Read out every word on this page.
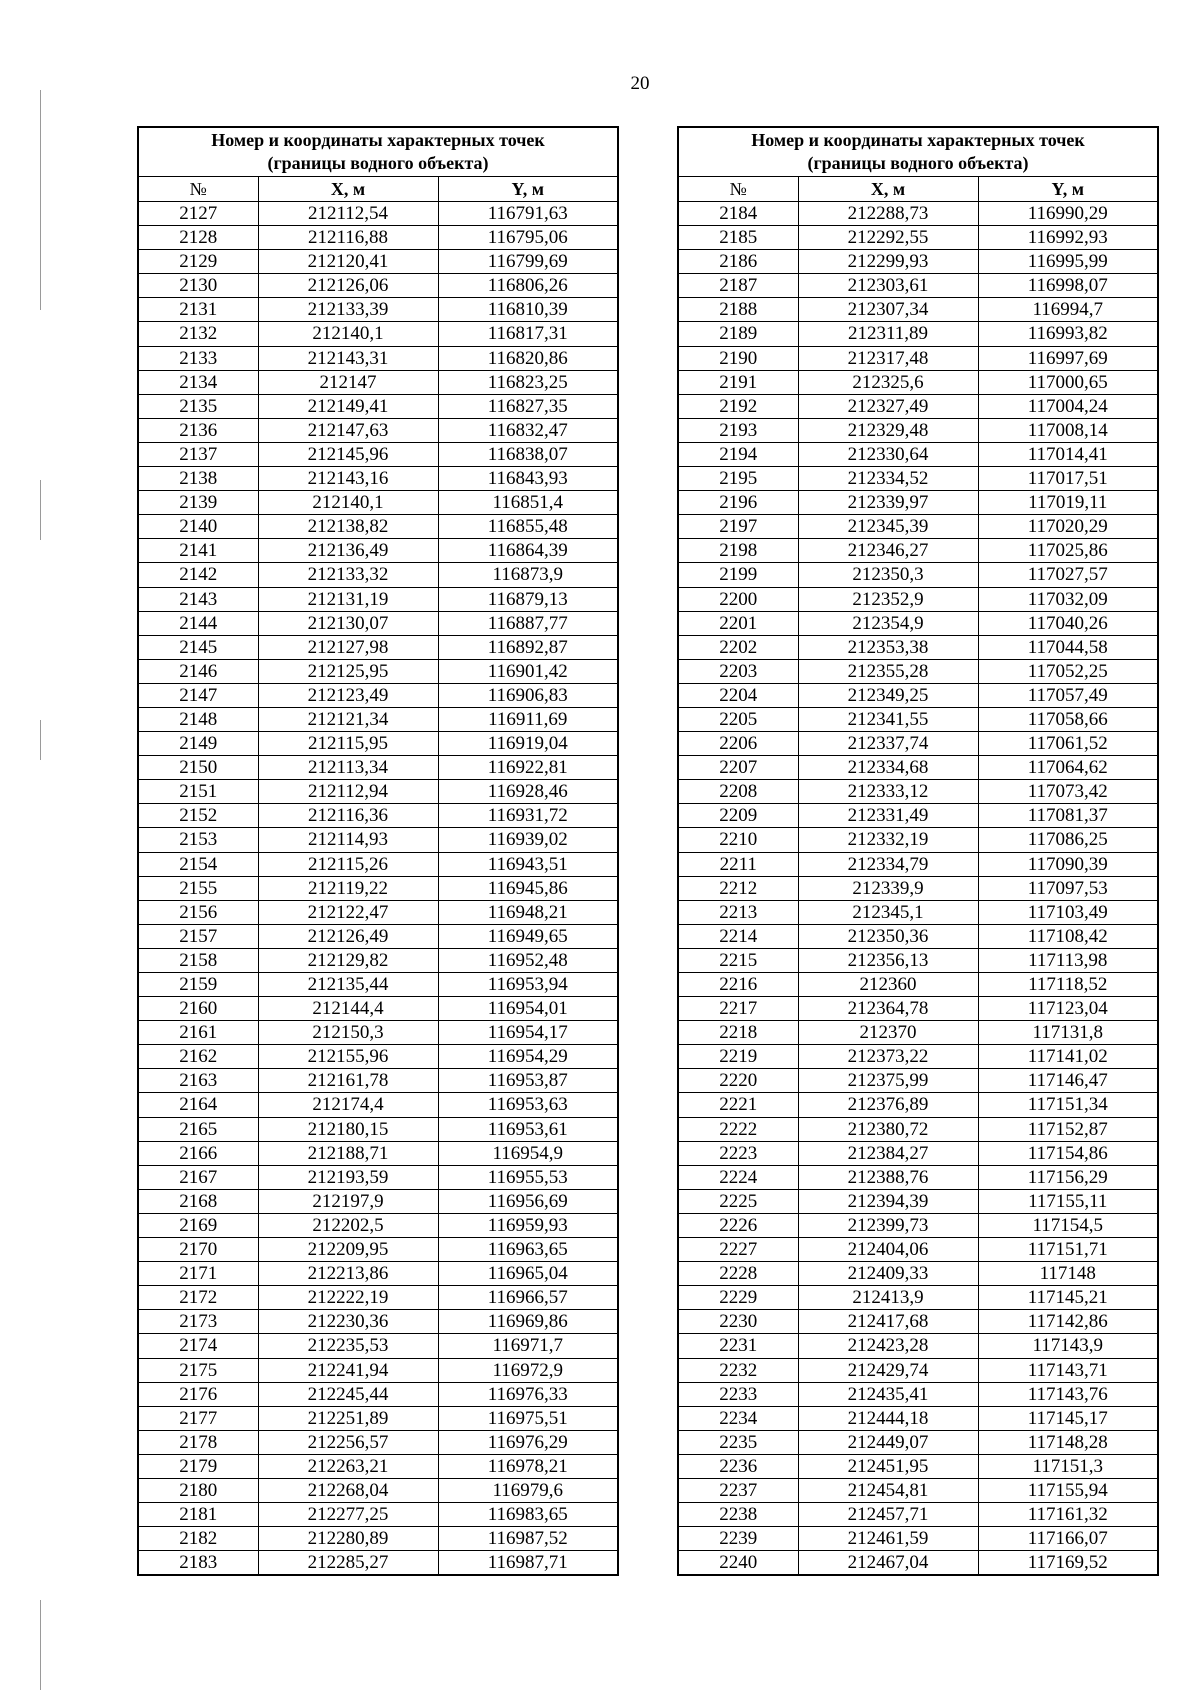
20
Номер и координаты характерных точек
(границы водного объекта)		
№	X, м	Y, м
2127	212112,54	116791,63
2128	212116,88	116795,06
2129	212120,41	116799,69
2130	212126,06	116806,26
2131	212133,39	116810,39
2132	212140,1	116817,31
2133	212143,31	116820,86
2134	212147	116823,25
2135	212149,41	116827,35
2136	212147,63	116832,47
2137	212145,96	116838,07
2138	212143,16	116843,93
2139	212140,1	116851,4
2140	212138,82	116855,48
2141	212136,49	116864,39
2142	212133,32	116873,9
2143	212131,19	116879,13
2144	212130,07	116887,77
2145	212127,98	116892,87
2146	212125,95	116901,42
2147	212123,49	116906,83
2148	212121,34	116911,69
2149	212115,95	116919,04
2150	212113,34	116922,81
2151	212112,94	116928,46
2152	212116,36	116931,72
2153	212114,93	116939,02
2154	212115,26	116943,51
2155	212119,22	116945,86
2156	212122,47	116948,21
2157	212126,49	116949,65
2158	212129,82	116952,48
2159	212135,44	116953,94
2160	212144,4	116954,01
2161	212150,3	116954,17
2162	212155,96	116954,29
2163	212161,78	116953,87
2164	212174,4	116953,63
2165	212180,15	116953,61
2166	212188,71	116954,9
2167	212193,59	116955,53
2168	212197,9	116956,69
2169	212202,5	116959,93
2170	212209,95	116963,65
2171	212213,86	116965,04
2172	212222,19	116966,57
2173	212230,36	116969,86
2174	212235,53	116971,7
2175	212241,94	116972,9
2176	212245,44	116976,33
2177	212251,89	116975,51
2178	212256,57	116976,29
2179	212263,21	116978,21
2180	212268,04	116979,6
2181	212277,25	116983,65
2182	212280,89	116987,52
2183	212285,27	116987,71
Номер и координаты характерных точек
(границы водного объекта)		
№	X, м	Y, м
2184	212288,73	116990,29
2185	212292,55	116992,93
2186	212299,93	116995,99
2187	212303,61	116998,07
2188	212307,34	116994,7
2189	212311,89	116993,82
2190	212317,48	116997,69
2191	212325,6	117000,65
2192	212327,49	117004,24
2193	212329,48	117008,14
2194	212330,64	117014,41
2195	212334,52	117017,51
2196	212339,97	117019,11
2197	212345,39	117020,29
2198	212346,27	117025,86
2199	212350,3	117027,57
2200	212352,9	117032,09
2201	212354,9	117040,26
2202	212353,38	117044,58
2203	212355,28	117052,25
2204	212349,25	117057,49
2205	212341,55	117058,66
2206	212337,74	117061,52
2207	212334,68	117064,62
2208	212333,12	117073,42
2209	212331,49	117081,37
2210	212332,19	117086,25
2211	212334,79	117090,39
2212	212339,9	117097,53
2213	212345,1	117103,49
2214	212350,36	117108,42
2215	212356,13	117113,98
2216	212360	117118,52
2217	212364,78	117123,04
2218	212370	117131,8
2219	212373,22	117141,02
2220	212375,99	117146,47
2221	212376,89	117151,34
2222	212380,72	117152,87
2223	212384,27	117154,86
2224	212388,76	117156,29
2225	212394,39	117155,11
2226	212399,73	117154,5
2227	212404,06	117151,71
2228	212409,33	117148
2229	212413,9	117145,21
2230	212417,68	117142,86
2231	212423,28	117143,9
2232	212429,74	117143,71
2233	212435,41	117143,76
2234	212444,18	117145,17
2235	212449,07	117148,28
2236	212451,95	117151,3
2237	212454,81	117155,94
2238	212457,71	117161,32
2239	212461,59	117166,07
2240	212467,04	117169,52
